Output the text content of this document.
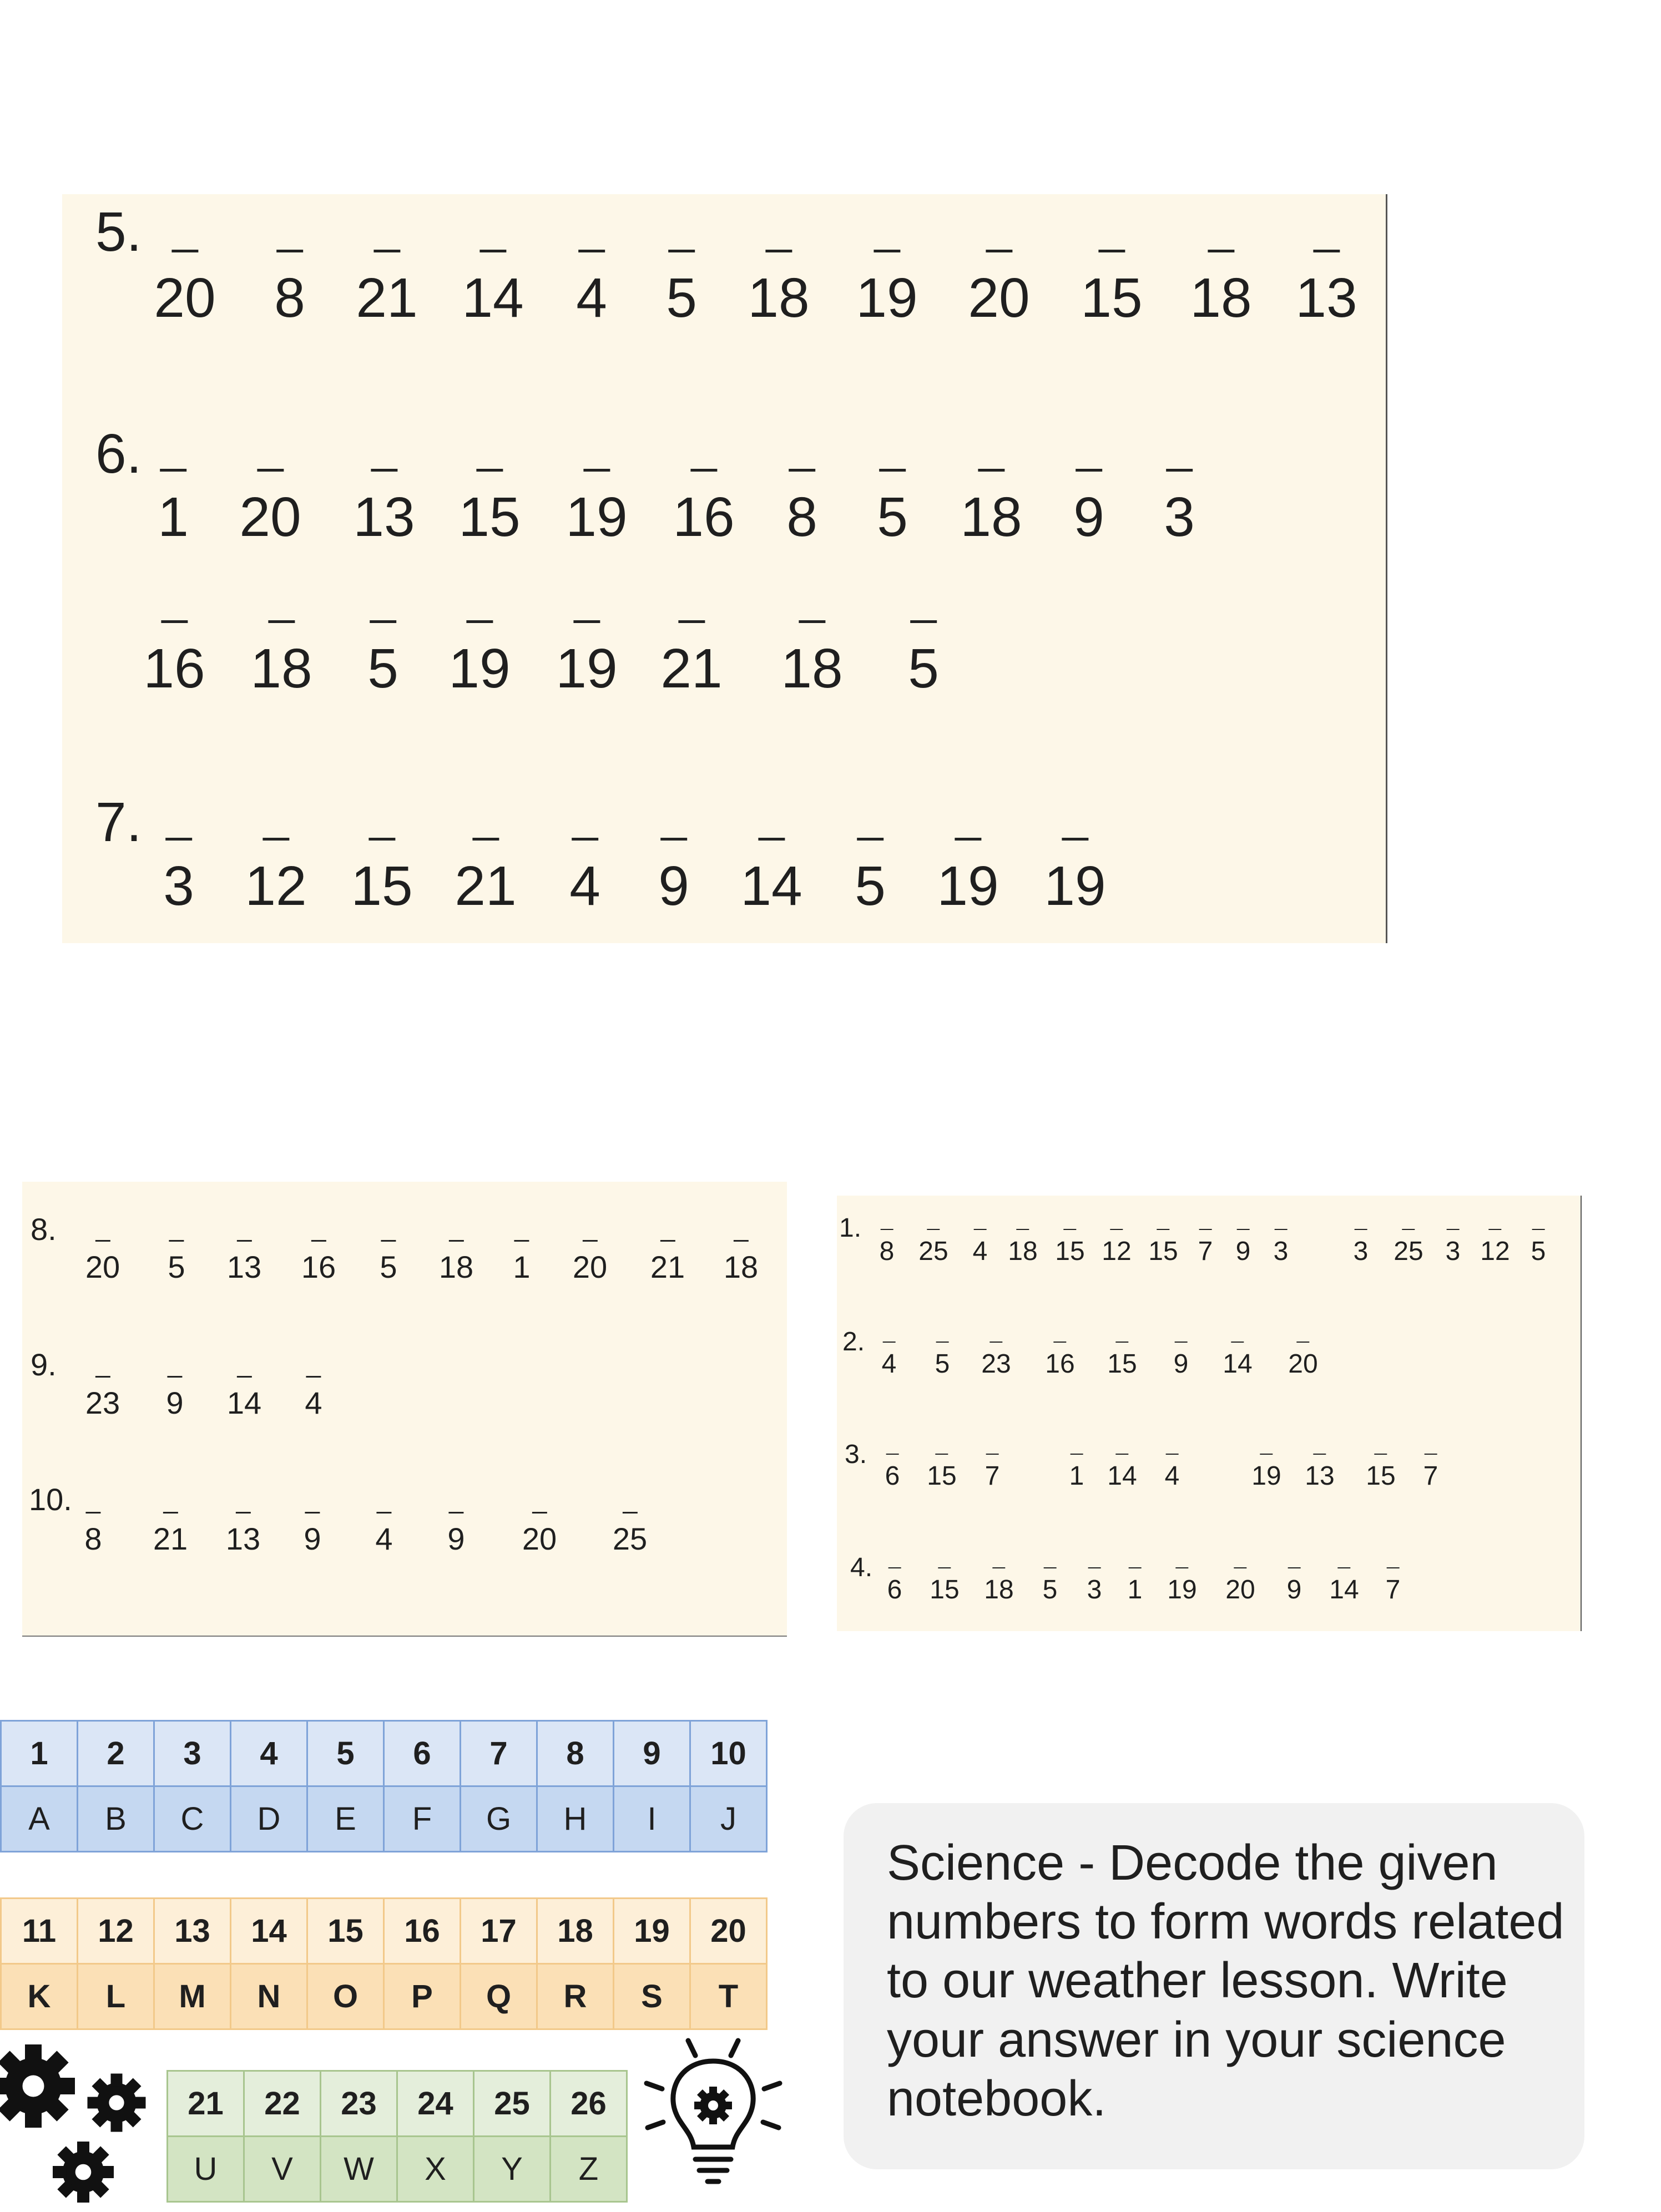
5.
20 8 21 14 4 5 18 19 20 15 18 13
6.
1 20 13 15 19 16 8 5 18 9 3
16 18 5 19 19 21 18 5
7.
3 12 15 21 4 9 14 5 19 19
8.
20 5 13 16 5 18 1 20 21 18
9.
23 9 14 4
10.
8 21 13 9 4 9 20 25
1.
8 25 4 18 15 12 15 7 9 3 3 25 3 12 5
2.
4 5 23 16 15 9 14 20
3.
6 15 7	1 14 4	19 13 15 7
4.
6 15 18 5 3 1 19 20 9 14 7
1	2	3	4	5	6	7	8	9	10
A	B	C	D	E	F	G	H	I	J
11	12	13	14	15	16	17	18	19	20
K	L	M	N	O	P	Q	R	S	T
21	22	23	24	25	26
U	V	W	X	Y	Z
Science - Decode the given numbers to form words related to our weather lesson. Write your answer in your science notebook.
